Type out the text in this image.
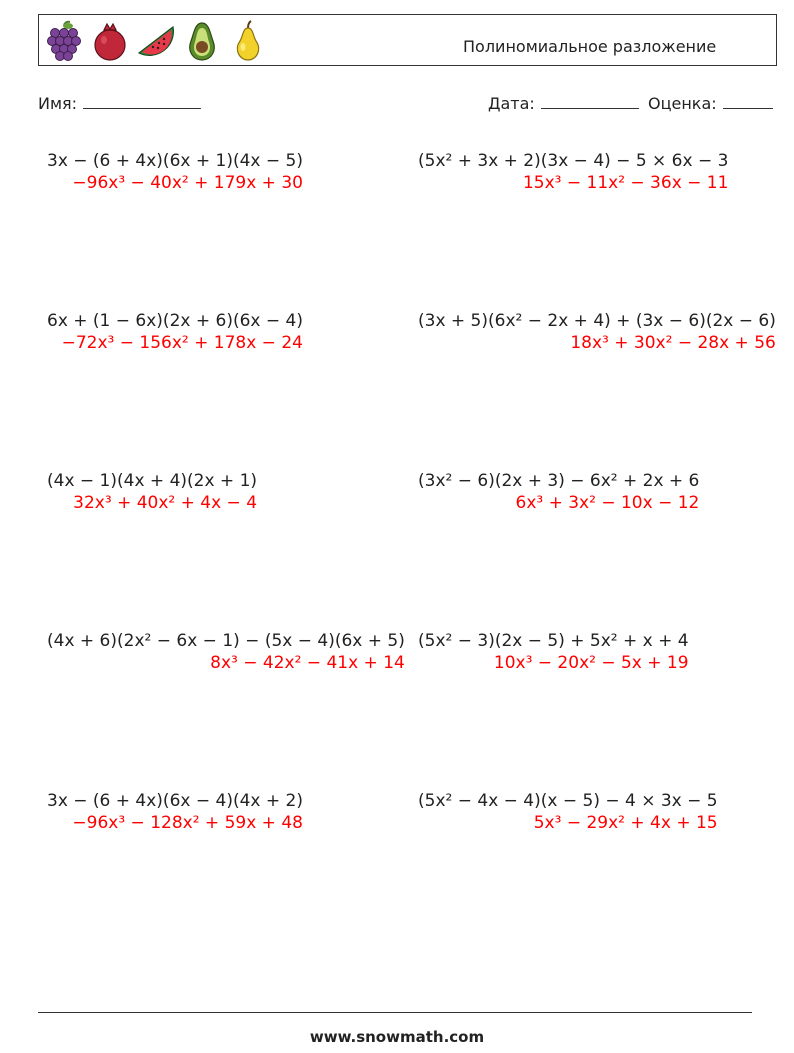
Полиномиальное разложение
Имя:	Дата:	Оценка:
3x − (6 + 4x)(6x + 1)(4x − 5)
−96x³ − 40x² + 179x + 30
6x + (1 − 6x)(2x + 6)(6x − 4)
−72x³ − 156x² + 178x − 24
(4x − 1)(4x + 4)(2x + 1)
32x³ + 40x² + 4x − 4
(4x + 6)(2x² − 6x − 1) − (5x − 4)(6x + 5)
8x³ − 42x² − 41x + 14
3x − (6 + 4x)(6x − 4)(4x + 2)
−96x³ − 128x² + 59x + 48
(5x² + 3x + 2)(3x − 4) − 5 × 6x − 3
15x³ − 11x² − 36x − 11
(3x + 5)(6x² − 2x + 4) + (3x − 6)(2x − 6)
18x³ + 30x² − 28x + 56
(3x² − 6)(2x + 3) − 6x² + 2x + 6
6x³ + 3x² − 10x − 12
(5x² − 3)(2x − 5) + 5x² + x + 4
10x³ − 20x² − 5x + 19
(5x² − 4x − 4)(x − 5) − 4 × 3x − 5
5x³ − 29x² + 4x + 15
www.snowmath.com
